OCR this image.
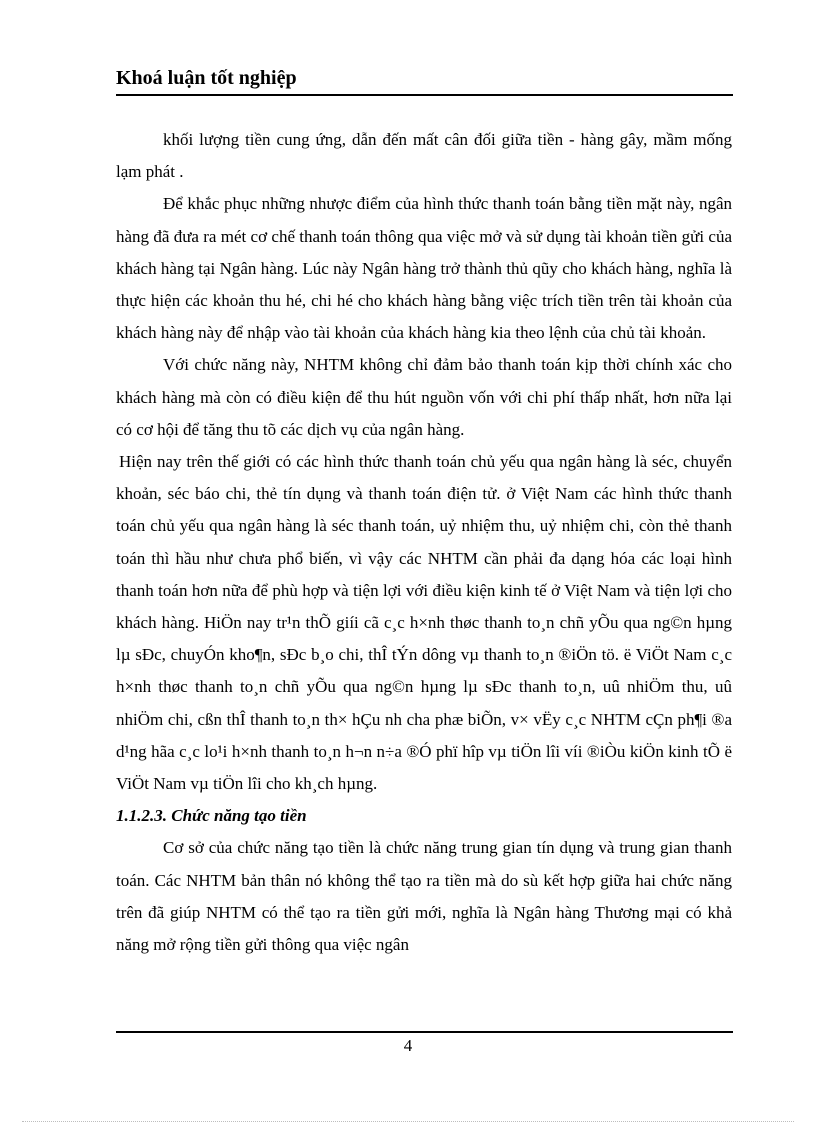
Khoá luận tốt nghiệp

khối lượng tiền cung ứng, dẫn đến mất cân đối giữa tiền - hàng gây, mầm mống lạm phát .

Để khắc phục những nhược điểm của hình thức thanh toán bằng tiền mặt này, ngân hàng đã đưa ra mét cơ chế thanh toán thông qua việc mở và sử dụng tài khoản tiền gửi của khách hàng tại Ngân hàng. Lúc này Ngân hàng trở thành thủ qũy cho khách hàng, nghĩa là thực hiện các khoản thu hé, chi hé cho khách hàng bằng việc trích tiền trên tài khoản của khách hàng này để nhập vào tài khoản của khách hàng kia theo lệnh của chủ tài khoản.

Với chức năng này, NHTM không chỉ đảm bảo thanh toán kịp thời chính xác cho khách hàng mà còn có điều kiện để thu hút nguồn vốn với chi phí thấp nhất, hơn nữa lại có cơ hội để tăng thu tõ các dịch vụ của ngân hàng.

Hiện nay trên thế giới có các hình thức thanh toán chủ yếu qua ngân hàng là séc, chuyển khoản, séc báo chi, thẻ tín dụng và thanh toán điện tử. ở Việt Nam các hình thức thanh toán chủ yếu qua ngân hàng là séc thanh toán, uỷ nhiệm thu, uỷ nhiệm chi, còn thẻ thanh toán thì hầu như chưa phổ biến, vì vậy các NHTM cần phải đa dạng hóa các loại hình thanh toán hơn nữa để phù hợp và tiện lợi với điều kiện kinh tế ở Việt Nam và tiện lợi cho khách hàng. HiÖn nay tr¹n thÕ giíi cã c¸c h×nh thøc thanh to¸n chñ yÕu qua ng©n hµng lµ sÐc, chuyÓn kho¶n, sÐc b¸o chi, thÎ tÝn dông vµ thanh to¸n ®iÖn tö. ë ViÖt Nam c¸c h×nh thøc thanh to¸n chñ yÕu qua ng©n hµng lµ sÐc thanh to¸n, uû nhiÖm thu, uû nhiÖm chi, cßn thÎ thanh to¸n th× hÇu nh cha phæ biÕn, v× vËy c¸c NHTM cÇn ph¶i ®a d¹ng hãa c¸c lo¹i h×nh thanh to¸n h¬n n÷a ®Ó phï hîp vµ tiÖn lîi víi ®iÒu kiÖn kinh tÕ ë ViÖt Nam vµ tiÖn lîi cho kh¸ch hµng.

1.1.2.3. Chức năng tạo tiền

Cơ sở của chức năng tạo tiền là chức năng trung gian tín dụng và trung gian thanh toán. Các NHTM bản thân nó không thể tạo ra tiền mà do sù kết hợp giữa hai chức năng trên đã giúp NHTM có thể tạo ra tiền gửi mới, nghĩa là Ngân hàng Thương mại có khả năng mở rộng tiền gửi thông qua việc ngân

4
